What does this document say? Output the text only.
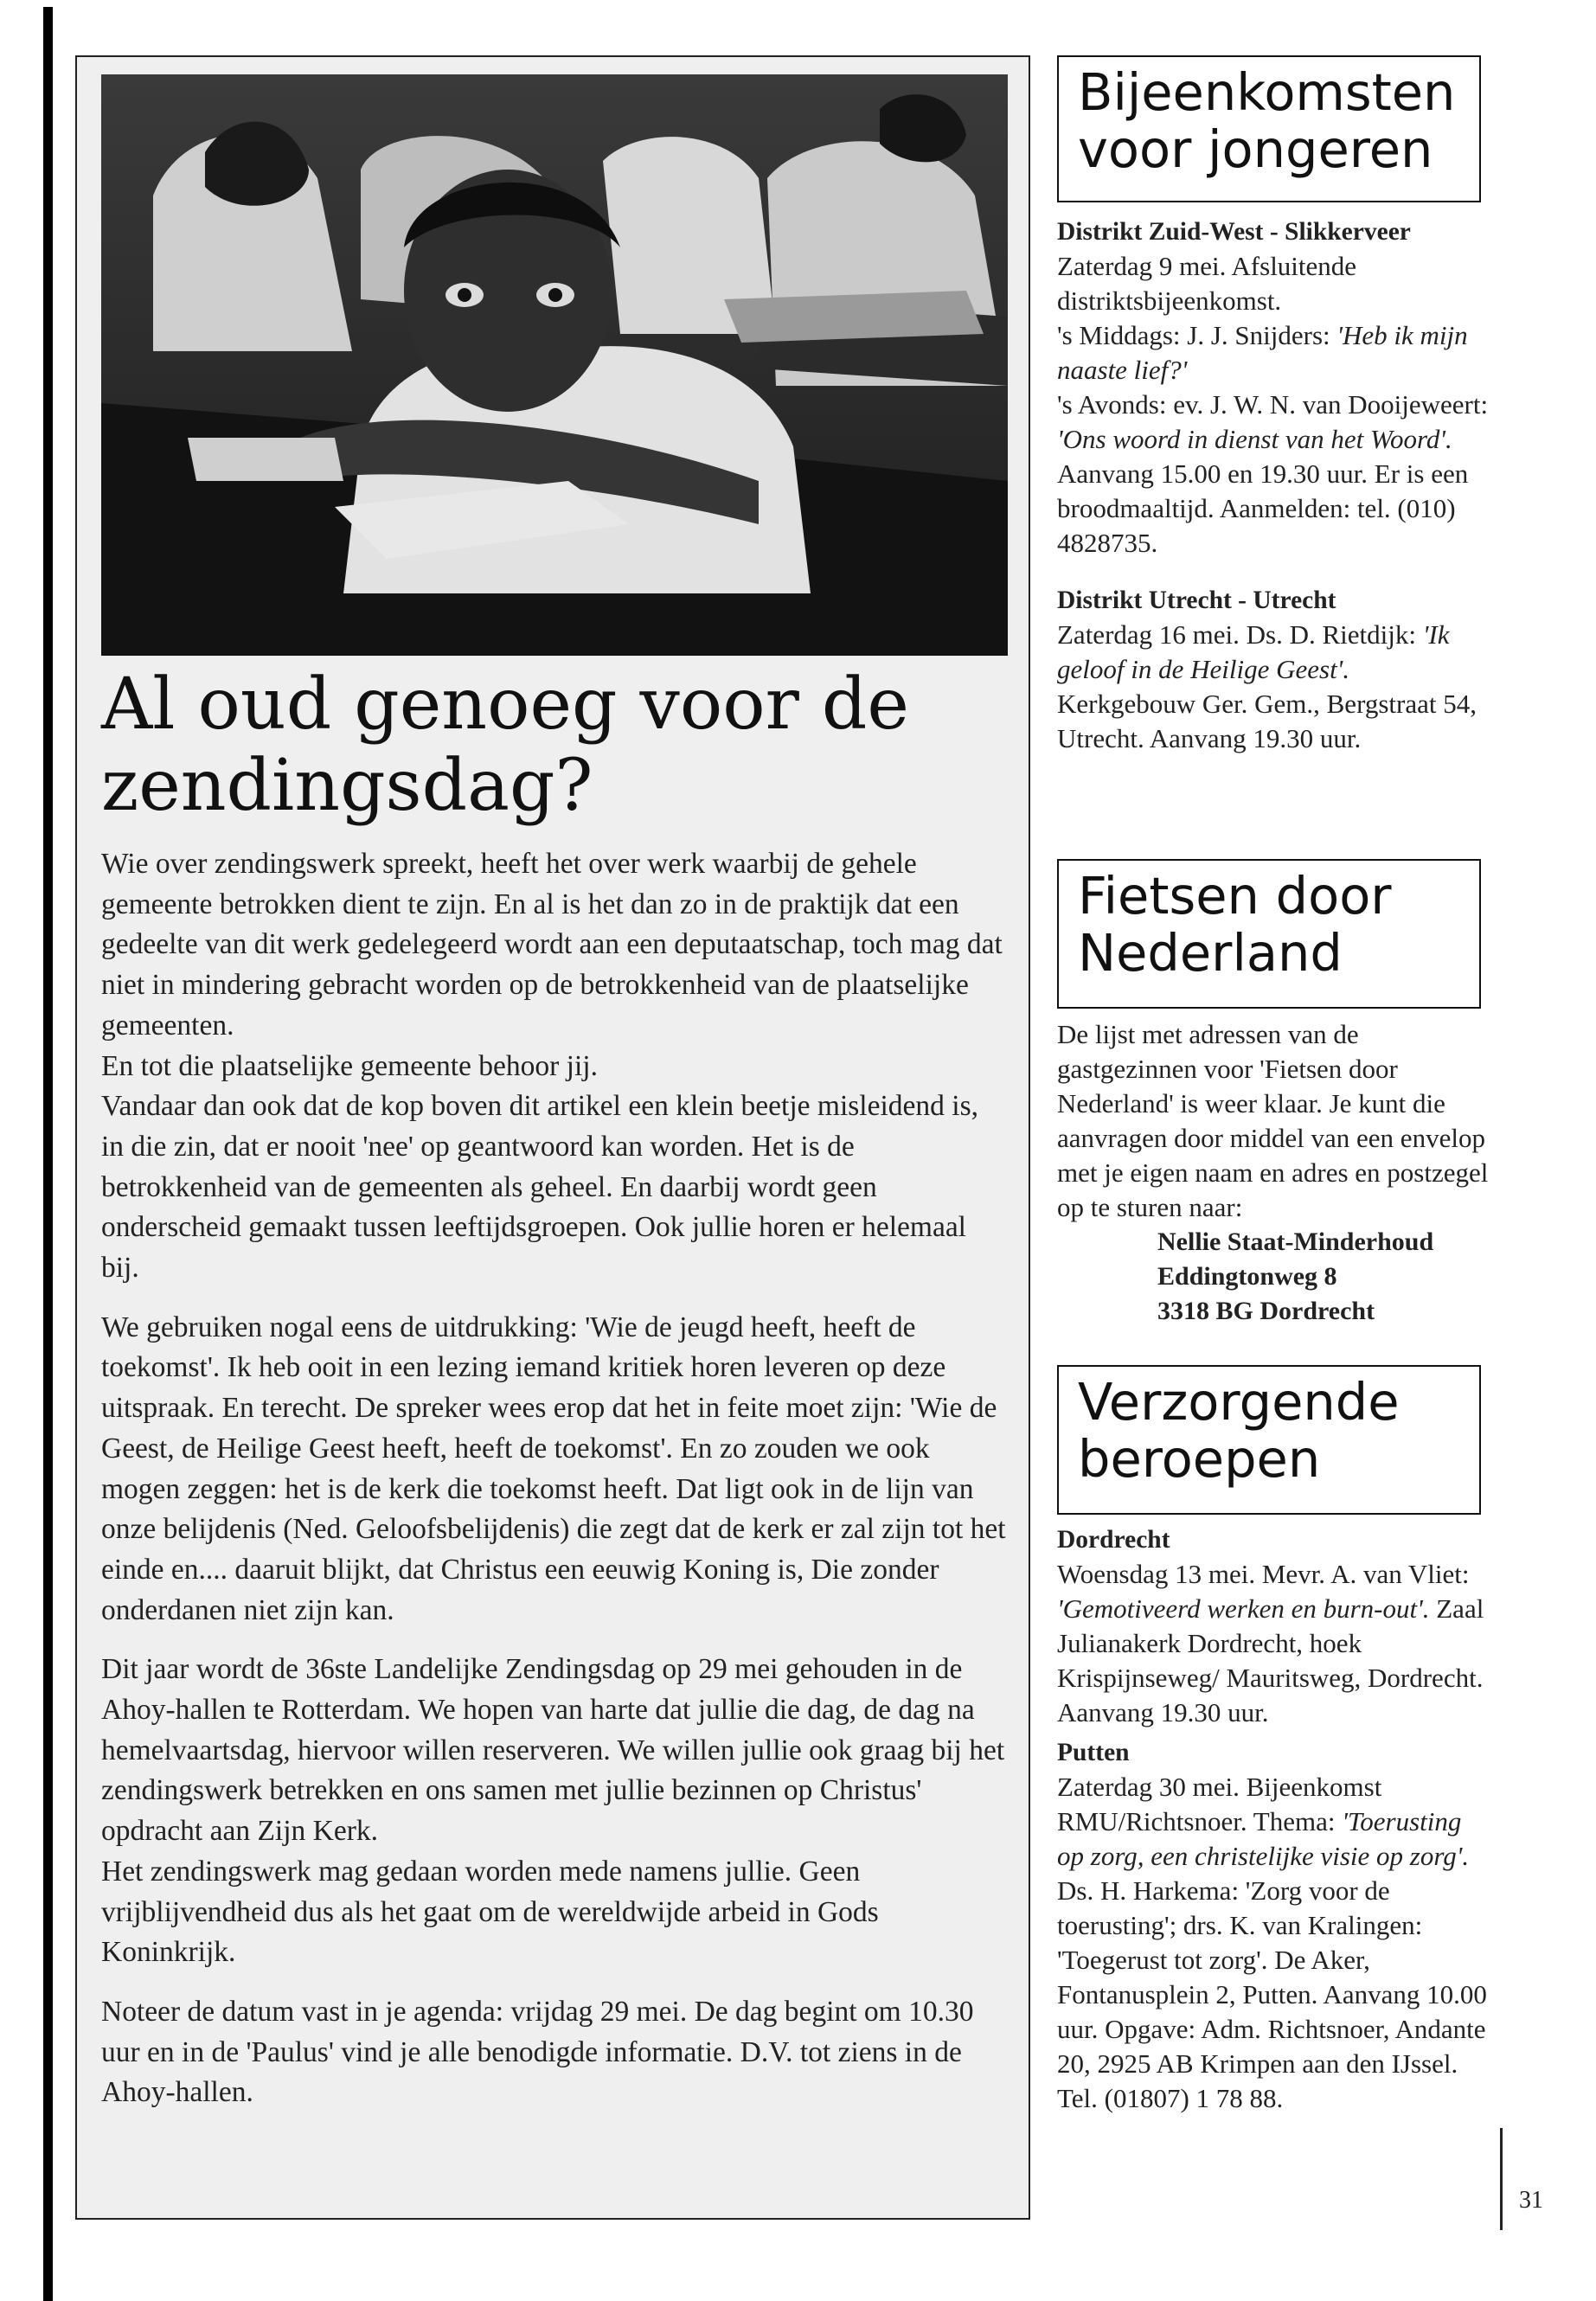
Al oud genoeg voor de zendingsdag?

Wie over zendingswerk spreekt, heeft het over werk waarbij de gehele gemeente betrokken dient te zijn. En al is het dan zo in de praktijk dat een gedeelte van dit werk gedelegeerd wordt aan een deputaatschap, toch mag dat niet in mindering gebracht worden op de betrokkenheid van de plaatselijke gemeenten.
En tot die plaatselijke gemeente behoor jij.
Vandaar dan ook dat de kop boven dit artikel een klein beetje misleidend is, in die zin, dat er nooit 'nee' op geantwoord kan worden. Het is de betrokkenheid van de gemeenten als geheel. En daarbij wordt geen onderscheid gemaakt tussen leeftijdsgroepen. Ook jullie horen er helemaal bij.

We gebruiken nogal eens de uitdrukking: 'Wie de jeugd heeft, heeft de toekomst'. Ik heb ooit in een lezing iemand kritiek horen leveren op deze uitspraak. En terecht. De spreker wees erop dat het in feite moet zijn: 'Wie de Geest, de Heilige Geest heeft, heeft de toekomst'. En zo zouden we ook mogen zeggen: het is de kerk die toekomst heeft. Dat ligt ook in de lijn van onze belijdenis (Ned. Geloofsbelijdenis) die zegt dat de kerk er zal zijn tot het einde en.... daaruit blijkt, dat Christus een eeuwig Koning is, Die zonder onderdanen niet zijn kan.

Dit jaar wordt de 36ste Landelijke Zendingsdag op 29 mei gehouden in de Ahoy-hallen te Rotterdam. We hopen van harte dat jullie die dag, de dag na hemelvaartsdag, hiervoor willen reserveren. We willen jullie ook graag bij het zendingswerk betrekken en ons samen met jullie bezinnen op Christus' opdracht aan Zijn Kerk.
Het zendingswerk mag gedaan worden mede namens jullie. Geen vrijblijvendheid dus als het gaat om de wereldwijde arbeid in Gods Koninkrijk.

Noteer de datum vast in je agenda: vrijdag 29 mei. De dag begint om 10.30 uur en in de 'Paulus' vind je alle benodigde informatie. D.V. tot ziens in de Ahoy-hallen.

Bijeenkomsten voor jongeren

Distrikt Zuid-West - Slikkerveer

Zaterdag 9 mei. Afsluitende distriktsbijeenkomst.

's Middags: J. J. Snijders: 'Heb ik mijn naaste lief?'

's Avonds: ev. J. W. N. van Dooijeweert: 'Ons woord in dienst van het Woord'. Aanvang 15.00 en 19.30 uur. Er is een broodmaaltijd. Aanmelden: tel. (010) 4828735.

Distrikt Utrecht - Utrecht

Zaterdag 16 mei. Ds. D. Rietdijk: 'Ik geloof in de Heilige Geest'. Kerkgebouw Ger. Gem., Bergstraat 54, Utrecht. Aanvang 19.30 uur.

Fietsen door Nederland

De lijst met adressen van de gastgezinnen voor 'Fietsen door Nederland' is weer klaar. Je kunt die aanvragen door middel van een envelop met je eigen naam en adres en postzegel op te sturen naar:

Nellie Staat-Minderhoud

Eddingtonweg 8

3318 BG Dordrecht

Verzorgende beroepen

Dordrecht

Woensdag 13 mei. Mevr. A. van Vliet: 'Gemotiveerd werken en burn-out'. Zaal Julianakerk Dordrecht, hoek Krispijnseweg/ Mauritsweg, Dordrecht. Aanvang 19.30 uur.

Putten

Zaterdag 30 mei. Bijeenkomst RMU/Richtsnoer. Thema: 'Toerusting op zorg, een christelijke visie op zorg'. Ds. H. Harkema: 'Zorg voor de toerusting'; drs. K. van Kralingen: 'Toegerust tot zorg'. De Aker, Fontanusplein 2, Putten. Aanvang 10.00 uur. Opgave: Adm. Richtsnoer, Andante 20, 2925 AB Krimpen aan den IJssel. Tel. (01807) 1 78 88.

31
